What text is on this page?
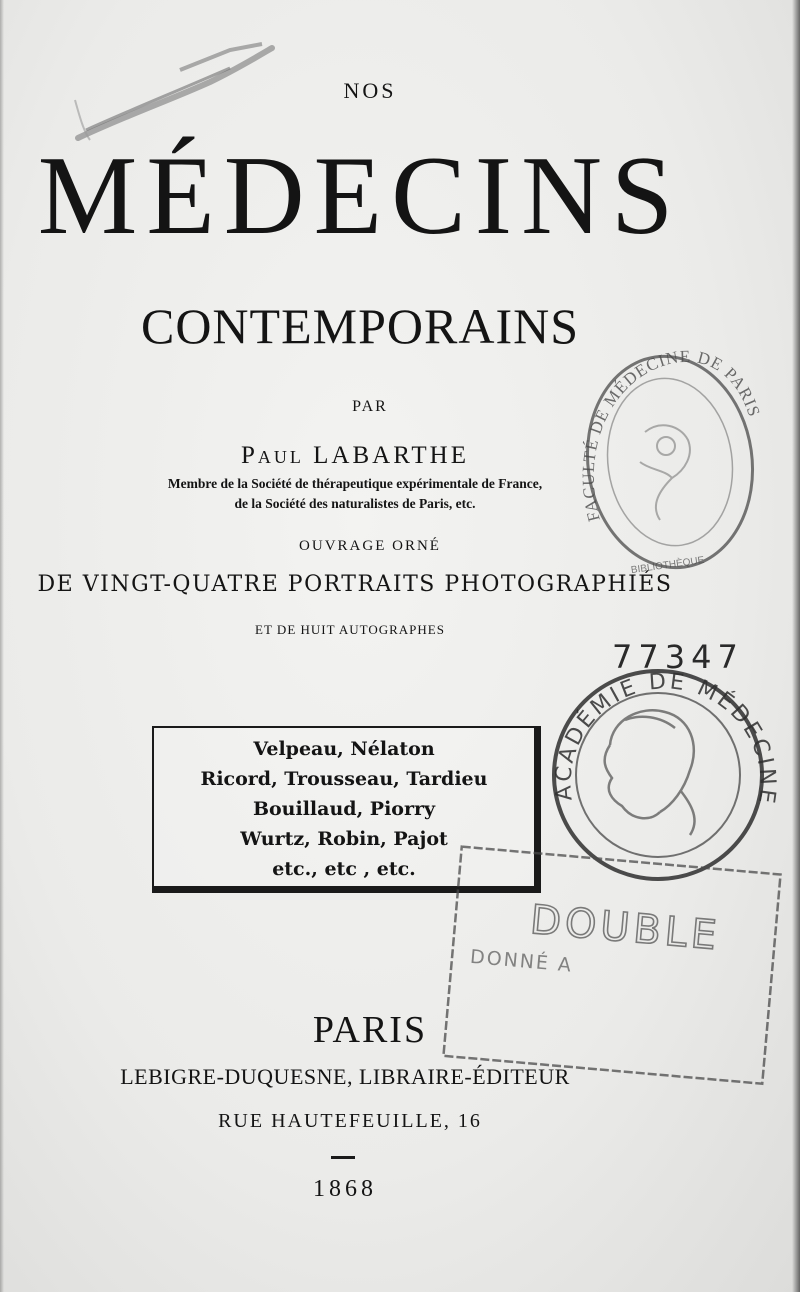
NOS
MÉDECINS
CONTEMPORAINS
PAR
Paul LABARTHE
Membre de la Société de thérapeutique expérimentale de France,
de la Société des naturalistes de Paris, etc.
OUVRAGE ORNÉ
DE VINGT-QUATRE PORTRAITS PHOTOGRAPHIÉS
ET DE HUIT AUTOGRAPHES
Velpeau, Nélaton
Ricord, Trousseau, Tardieu
Bouillaud, Piorry
Wurtz, Robin, Pajot
etc., etc , etc.
FACULTÉ DE MÉDECINE DE PARIS
BIBLIOTHÈQUE
77347
ACADÉMIE DE MÉDECINE
DOUBLE
DONNÉ A
PARIS
LEBIGRE-DUQUESNE, LIBRAIRE-ÉDITEUR
RUE HAUTEFEUILLE, 16
1868
